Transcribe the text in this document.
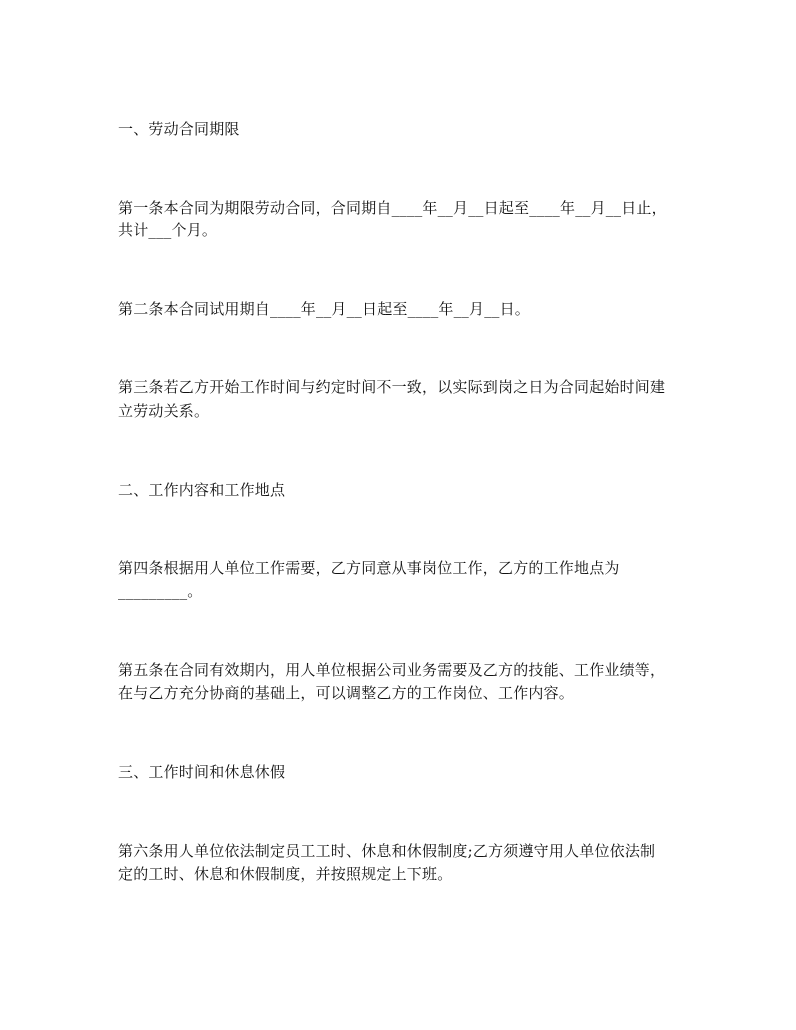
一、劳动合同期限
第一条本合同为期限劳动合同，合同期自____年__月__日起至____年__月__日止，
共计___个月。
第二条本合同试用期自____年__月__日起至____年__月__日。
第三条若乙方开始工作时间与约定时间不一致，以实际到岗之日为合同起始时间建
立劳动关系。
二、工作内容和工作地点
第四条根据用人单位工作需要，乙方同意从事岗位工作，乙方的工作地点为
_________。
第五条在合同有效期内，用人单位根据公司业务需要及乙方的技能、工作业绩等，
在与乙方充分协商的基础上，可以调整乙方的工作岗位、工作内容。
三、工作时间和休息休假
第六条用人单位依法制定员工工时、休息和休假制度;乙方须遵守用人单位依法制
定的工时、休息和休假制度，并按照规定上下班。
